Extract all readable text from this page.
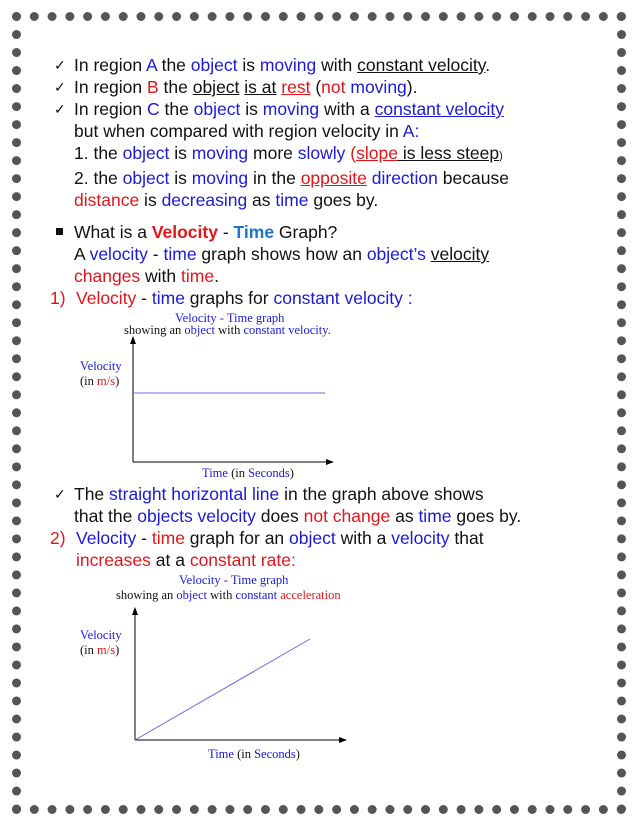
✓ In region A the object is moving with constant velocity.
✓ In region B the object is at rest (not moving).
✓ In region C the object is moving with a constant velocity
but when compared with region velocity in A:
1. the object is moving more slowly (slope is less steep)
2. the object is moving in the opposite direction because
distance is decreasing as time goes by.
What is a Velocity - Time Graph?
A velocity - time graph shows how an object’s velocity
changes with time.
1) Velocity - time graphs for constant velocity :
Velocity - Time graph
showing an object with constant velocity.
Velocity
(in m/s)
Time (in Seconds)
✓ The straight horizontal line in the graph above shows
that the objects velocity does not change as time goes by.
2) Velocity - time graph for an object with a velocity that
increases at a constant rate:
Velocity - Time graph
showing an object with constant acceleration
Velocity
(in m/s)
Time (in Seconds)
